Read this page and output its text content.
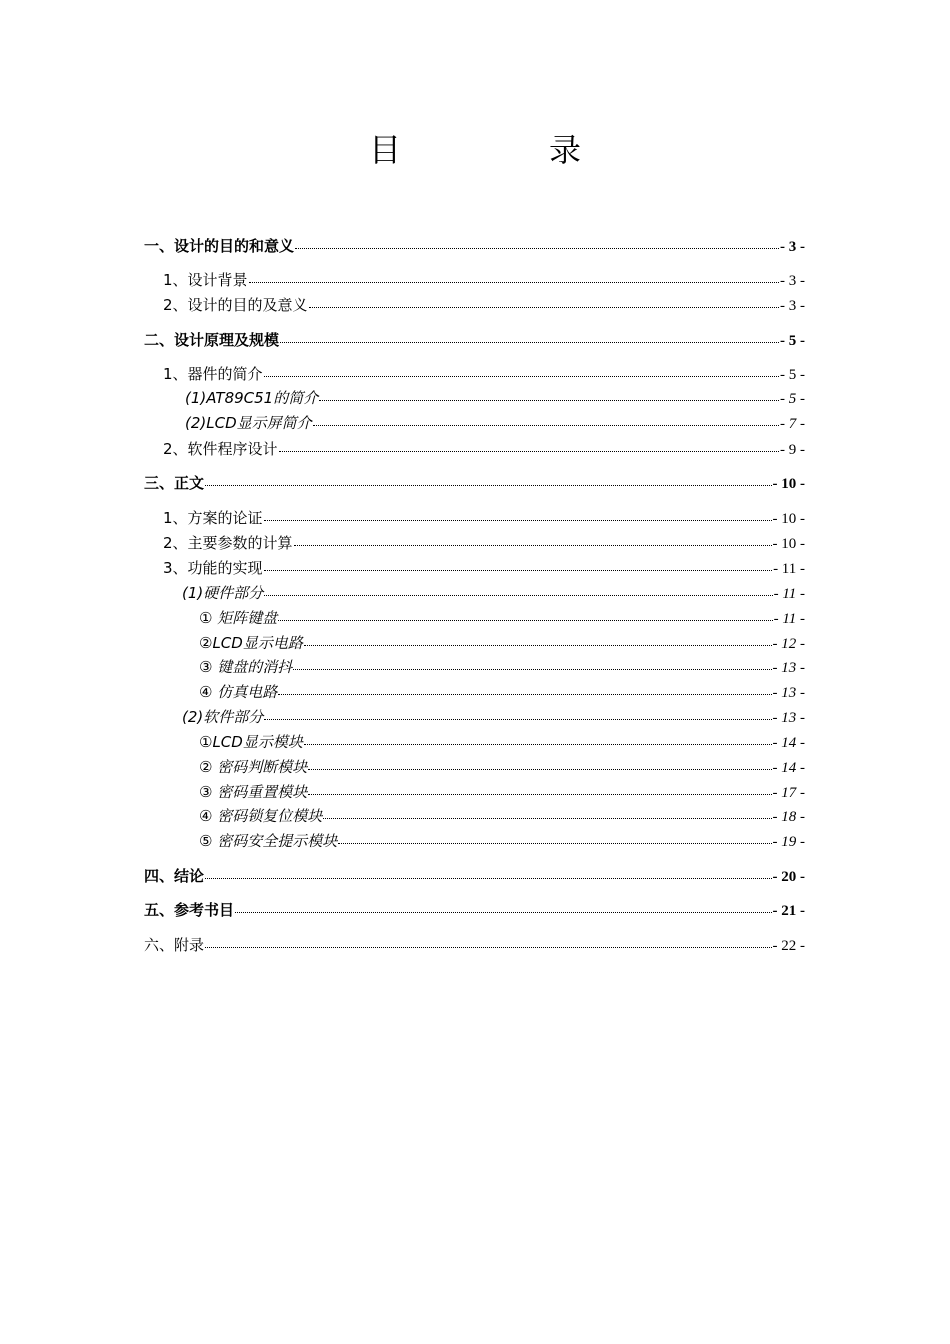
目　录
一、设计的目的和意义	- 3 -
1、设计背景	- 3 -
2、设计的目的及意义	- 3 -
二、设计原理及规模	- 5 -
1、器件的简介	- 5 -
(1)AT89C51的简介	- 5 -
(2)LCD显示屏简介	- 7 -
2、软件程序设计	- 9 -
三、正文	- 10 -
1、方案的论证	- 10 -
2、主要参数的计算	- 10 -
3、功能的实现	- 11 -
(1)硬件部分	- 11 -
① 矩阵键盘	- 11 -
②LCD显示电路	- 12 -
③ 键盘的消抖	- 13 -
④ 仿真电路	- 13 -
(2)软件部分	- 13 -
①LCD显示模块	- 14 -
② 密码判断模块	- 14 -
③ 密码重置模块	- 17 -
④ 密码锁复位模块	- 18 -
⑤ 密码安全提示模块	- 19 -
四、结论	- 20 -
五、参考书目	- 21 -
六、附录	- 22 -
